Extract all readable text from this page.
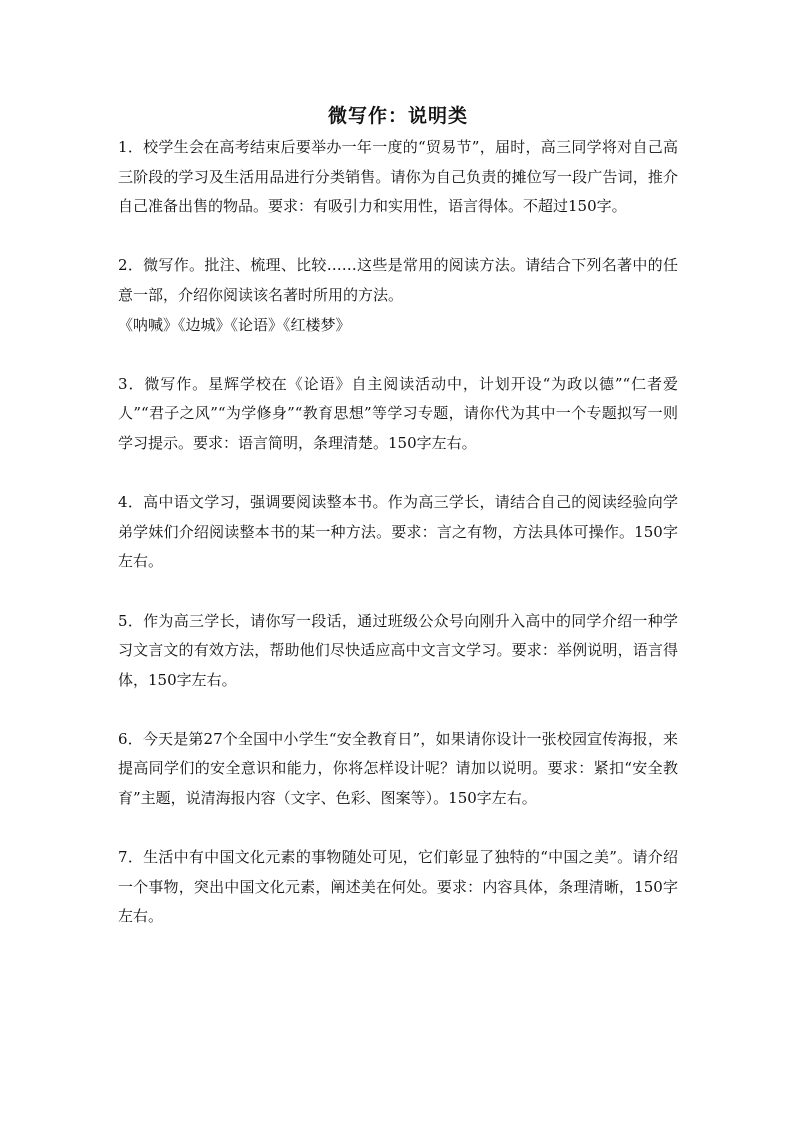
微写作：说明类

1．校学生会在高考结束后要举办一年一度的“贸易节”，届时，高三同学将对自己高三阶段的学习及生活用品进行分类销售。请你为自己负责的摊位写一段广告词，推介自己准备出售的物品。要求：有吸引力和实用性，语言得体。不超过150字。

2．微写作。批注、梳理、比较……这些是常用的阅读方法。请结合下列名著中的任意一部，介绍你阅读该名著时所用的方法。

《呐喊》《边城》《论语》《红楼梦》

3．微写作。星辉学校在《论语》自主阅读活动中，计划开设“为政以德”“仁者爱人”“君子之风”“为学修身”“教育思想”等学习专题，请你代为其中一个专题拟写一则学习提示。要求：语言简明，条理清楚。150字左右。

4．高中语文学习，强调要阅读整本书。作为高三学长，请结合自己的阅读经验向学弟学妹们介绍阅读整本书的某一种方法。要求：言之有物，方法具体可操作。150字左右。

5．作为高三学长，请你写一段话，通过班级公众号向刚升入高中的同学介绍一种学习文言文的有效方法，帮助他们尽快适应高中文言文学习。要求：举例说明，语言得体，150字左右。

6．今天是第27个全国中小学生“安全教育日”，如果请你设计一张校园宣传海报，来提高同学们的安全意识和能力，你将怎样设计呢？请加以说明。要求：紧扣“安全教育”主题，说清海报内容（文字、色彩、图案等）。150字左右。

7．生活中有中国文化元素的事物随处可见，它们彰显了独特的“中国之美”。请介绍一个事物，突出中国文化元素，阐述美在何处。要求：内容具体，条理清晰，150字左右。
